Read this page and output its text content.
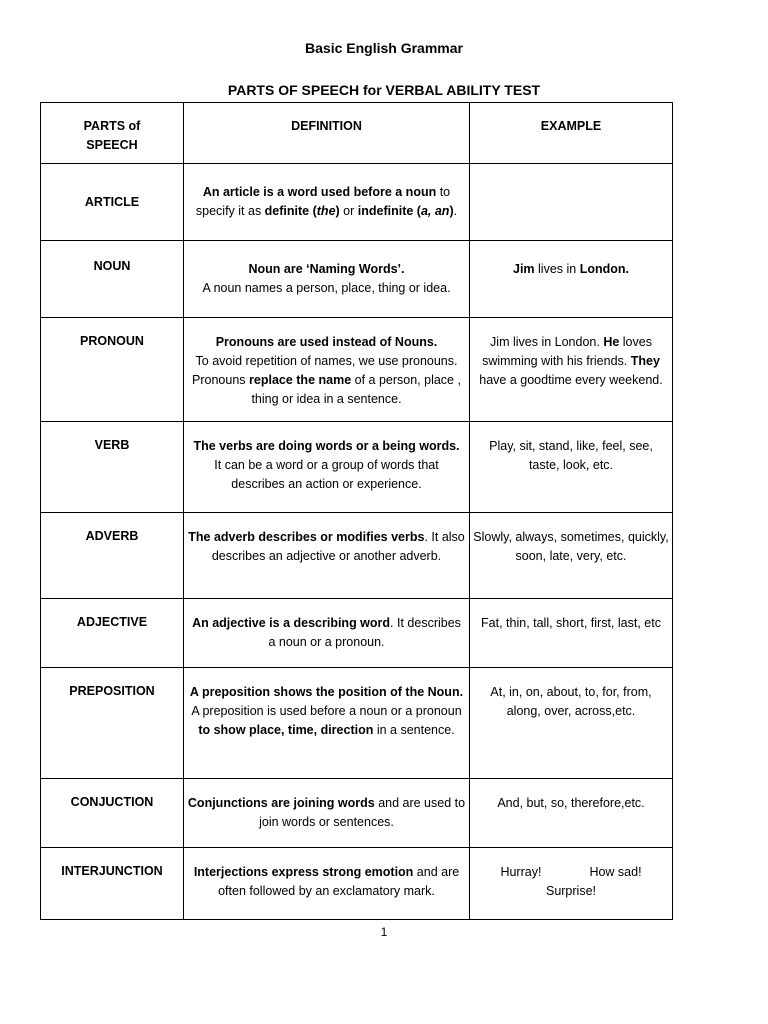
Basic English Grammar
PARTS OF SPEECH for VERBAL ABILITY TEST
PARTS of
SPEECH	DEFINITION	EXAMPLE
ARTICLE	An article is a word used before a noun to specify it as definite (the) or indefinite (a, an).	
NOUN	Noun are ‘Naming Words’.
A noun names a person, place, thing or idea.	Jim lives in London.
PRONOUN	Pronouns are used instead of Nouns.
To avoid repetition of names, we use pronouns. Pronouns replace the name of a person, place , thing or idea in a sentence.	Jim lives in London. He loves swimming with his friends. They have a goodtime every weekend.
VERB	The verbs are doing words or a being words.
It can be a word or a group of words that describes an action or experience.	Play, sit, stand, like, feel, see, taste, look, etc.
ADVERB	The adverb describes or modifies verbs. It also describes an adjective or another adverb.	Slowly, always, sometimes, quickly, soon, late, very, etc.
ADJECTIVE	An adjective is a describing word. It describes a noun or a pronoun.	Fat, thin, tall, short, first, last, etc
PREPOSITION	A preposition shows the position of the Noun.
A preposition is used before a noun or a pronoun to show place, time, direction in a sentence.	At, in, on, about, to, for, from, along, over, across,etc.
CONJUCTION	Conjunctions are joining words and are used to join words or sentences.	And, but, so, therefore,etc.
INTERJUNCTION	Interjections express strong emotion and are often followed by an exclamatory mark.	Hurray! How sad!
Surprise!
1
